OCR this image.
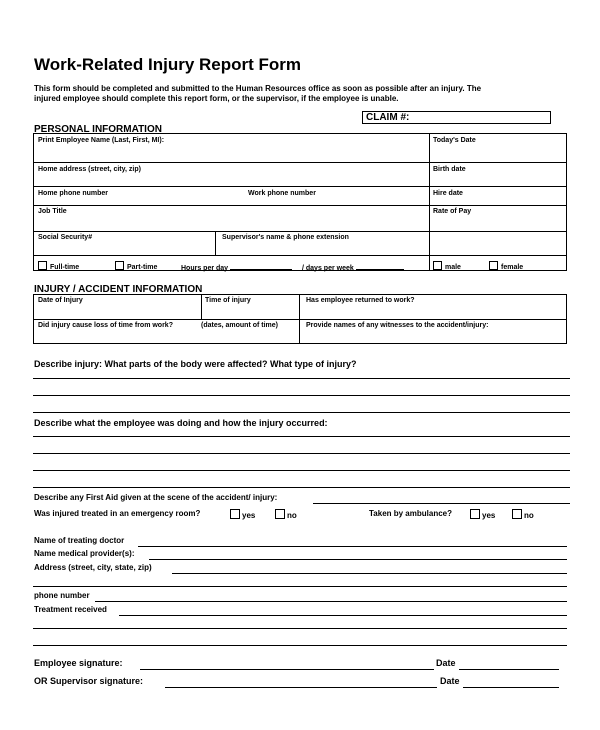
Work-Related Injury Report Form
This form should be completed and submitted to the Human Resources office as soon as possible after an injury. The
injured employee should complete this report form, or the supervisor, if the employee is unable.
CLAIM #:
PERSONAL INFORMATION
Print Employee Name (Last, First, MI):	Today's Date
Home address (street, city, zip)	Birth date
Home phone number	Work phone number	Hire date
Job Title	Rate of Pay
Social Security#	Supervisor's name & phone extension
Full-time	Part-time	Hours per day	/ days per week	male	female
INJURY / ACCIDENT INFORMATION
Date of Injury	Time of injury	Has employee returned to work?
Did injury cause loss of time from work?	(dates, amount of time)	Provide names of any witnesses to the accident/injury:
Describe injury: What parts of the body were affected? What type of injury?
Describe what the employee was doing and how the injury occurred:
Describe any First Aid given at the scene of the accident/ injury:
Was injured treated in an emergency room?	yes	no	Taken by ambulance?	yes	no
Name of treating doctor
Name medical provider(s):
Address (street, city, state, zip)
phone number
Treatment received
Employee signature:	Date
OR Supervisor signature:	Date
